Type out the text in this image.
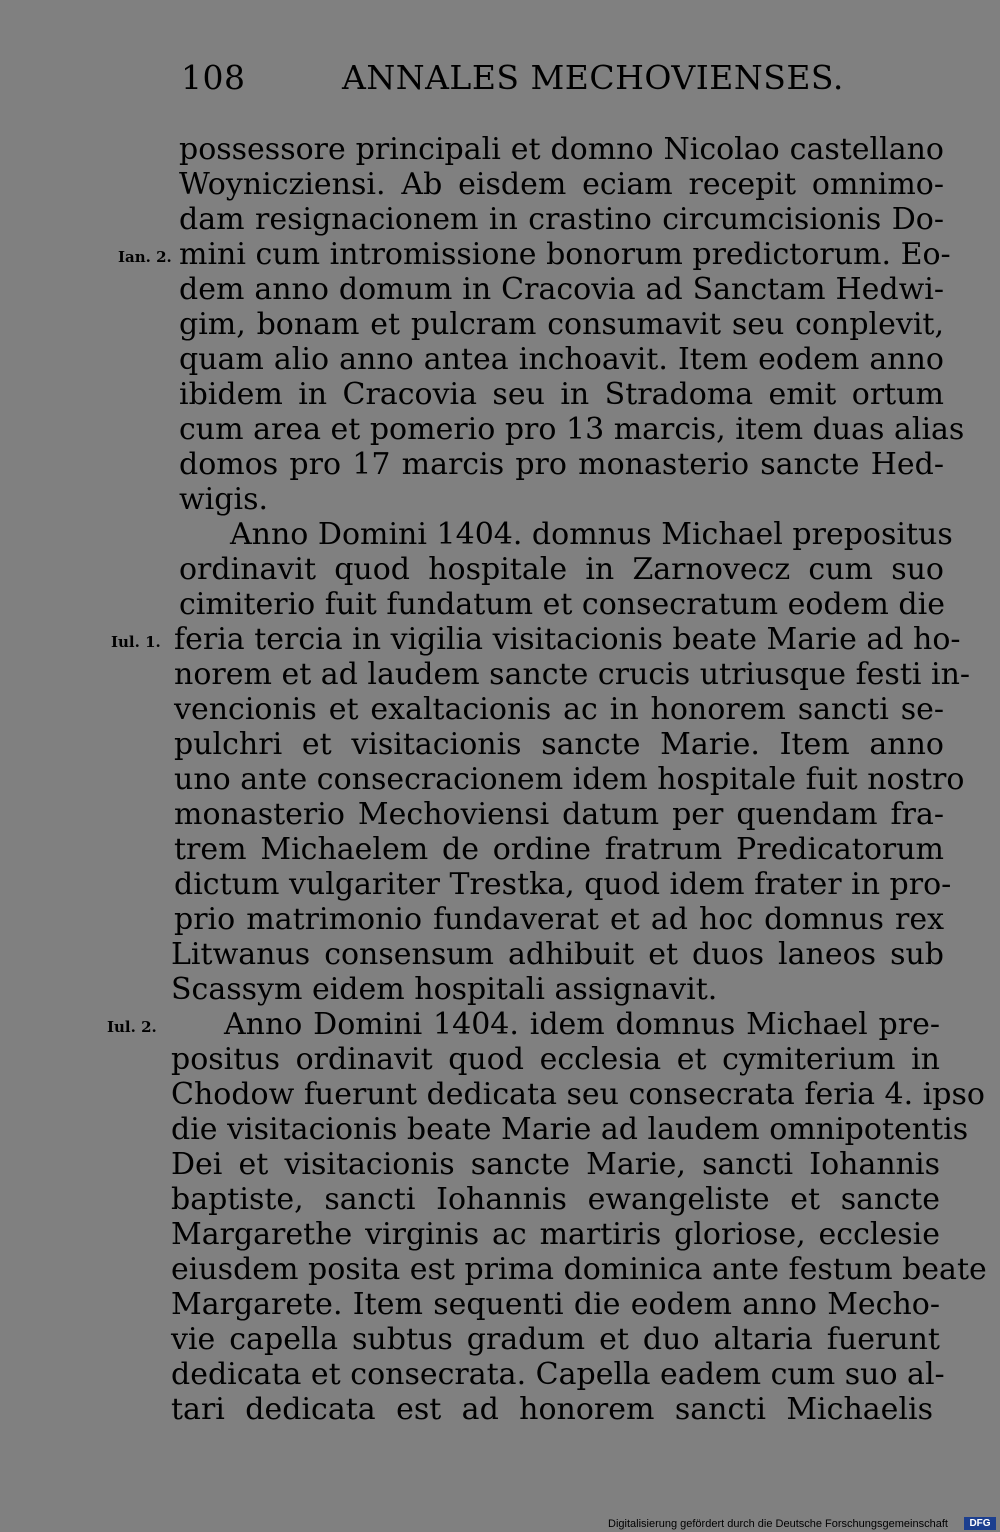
108	ANNALES MECHOVIENSES.
possessore principali et domno Nicolao castellano
Woynicziensi. Ab eisdem eciam recepit omnimo-
dam resignacionem in crastino circumcisionis Do-
mini cum intromissione bonorum predictorum. Eo-
dem anno domum in Cracovia ad Sanctam Hedwi-
gim, bonam et pulcram consumavit seu conplevit,
quam alio anno antea inchoavit. Item eodem anno
ibidem in Cracovia seu in Stradoma emit ortum
cum area et pomerio pro 13 marcis, item duas alias
domos pro 17 marcis pro monasterio sancte Hed-
wigis.
Anno Domini 1404. domnus Michael prepositus
ordinavit quod hospitale in Zarnovecz cum suo
cimiterio fuit fundatum et consecratum eodem die
feria tercia in vigilia visitacionis beate Marie ad ho-
norem et ad laudem sancte crucis utriusque festi in-
vencionis et exaltacionis ac in honorem sancti se-
pulchri et visitacionis sancte Marie. Item anno
uno ante consecracionem idem hospitale fuit nostro
monasterio Mechoviensi datum per quendam fra-
trem Michaelem de ordine fratrum Predicatorum
dictum vulgariter Trestka, quod idem frater in pro-
prio matrimonio fundaverat et ad hoc domnus rex
Litwanus consensum adhibuit et duos laneos sub
Scassym eidem hospitali assignavit.
Anno Domini 1404. idem domnus Michael pre-
positus ordinavit quod ecclesia et cymiterium in
Chodow fuerunt dedicata seu consecrata feria 4. ipso
die visitacionis beate Marie ad laudem omnipotentis
Dei et visitacionis sancte Marie, sancti Iohannis
baptiste, sancti Iohannis ewangeliste et sancte
Margarethe virginis ac martiris gloriose, ecclesie
eiusdem posita est prima dominica ante festum beate
Margarete. Item sequenti die eodem anno Mecho-
vie capella subtus gradum et duo altaria fuerunt
dedicata et consecrata. Capella eadem cum suo al-
tari dedicata est ad honorem sancti Michaelis
Ian. 2.
Iul. 1.
Iul. 2.
Digitalisierung gefördert durch die Deutsche Forschungsgemeinschaft	DFG
